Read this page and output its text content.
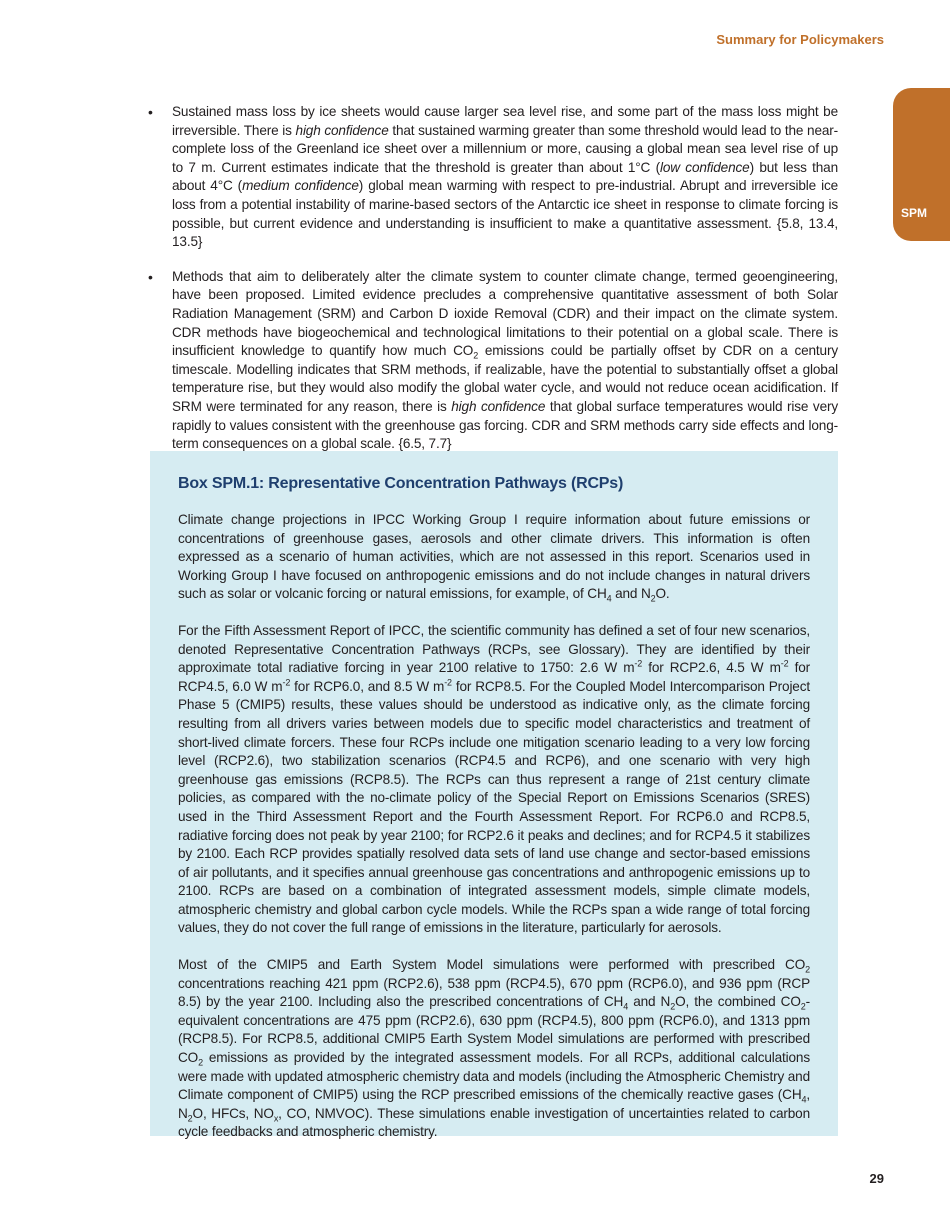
Summary for Policymakers
SPM
•	Sustained mass loss by ice sheets would cause larger sea level rise, and some part of the mass loss might be irreversible. There is high confidence that sustained warming greater than some threshold would lead to the near-complete loss of the Greenland ice sheet over a millennium or more, causing a global mean sea level rise of up to 7 m. Current estimates indicate that the threshold is greater than about 1°C (low confidence) but less than about 4°C (medium confidence) global mean warming with respect to pre-industrial. Abrupt and irreversible ice loss from a potential instability of marine-based sectors of the Antarctic ice sheet in response to climate forcing is possible, but current evidence and understanding is insufficient to make a quantitative assessment. {5.8, 13.4, 13.5}
•	Methods that aim to deliberately alter the climate system to counter climate change, termed geoengineering, have been proposed. Limited evidence precludes a comprehensive quantitative assessment of both Solar Radiation Management (SRM) and Carbon D ioxide Removal (CDR) and their impact on the climate system. CDR methods have biogeochemical and technological limitations to their potential on a global scale. There is insufficient knowledge to quantify how much $CO_2$ emissions could be partially offset by CDR on a century timescale. Modelling indicates that SRM methods, if realizable, have the potential to substantially offset a global temperature rise, but they would also modify the global water cycle, and would not reduce ocean acidification. If SRM were terminated for any reason, there is high confidence that global surface temperatures would rise very rapidly to values consistent with the greenhouse gas forcing. CDR and SRM methods carry side effects and long-term consequences on a global scale. {6.5, 7.7}
Box SPM.1: Representative Concentration Pathways (RCPs)

Climate change projections in IPCC Working Group I require information about future emissions or concentrations of greenhouse gases, aerosols and other climate drivers. This information is often expressed as a scenario of human activities, which are not assessed in this report. Scenarios used in Working Group I have focused on anthropogenic emissions and do not include changes in natural drivers such as solar or volcanic forcing or natural emissions, for example, of $CH_4$ and $N_2O$.

For the Fifth Assessment Report of IPCC, the scientific community has defined a set of four new scenarios, denoted Representative Concentration Pathways (RCPs, see Glossary). They are identified by their approximate total radiative forcing in year 2100 relative to 1750: 2.6 W $m^{-2}$ for RCP2.6, 4.5 W $m^{-2}$ for RCP4.5, 6.0 W $m^{-2}$ for RCP6.0, and 8.5 W $m^{-2}$ for RCP8.5. For the Coupled Model Intercomparison Project Phase 5 (CMIP5) results, these values should be understood as indicative only, as the climate forcing resulting from all drivers varies between models due to specific model characteristics and treatment of short-lived climate forcers. These four RCPs include one mitigation scenario leading to a very low forcing level (RCP2.6), two stabilization scenarios (RCP4.5 and RCP6), and one scenario with very high greenhouse gas emissions (RCP8.5). The RCPs can thus represent a range of 21st century climate policies, as compared with the no-climate policy of the Special Report on Emissions Scenarios (SRES) used in the Third Assessment Report and the Fourth Assessment Report. For RCP6.0 and RCP8.5, radiative forcing does not peak by year 2100; for RCP2.6 it peaks and declines; and for RCP4.5 it stabilizes by 2100. Each RCP provides spatially resolved data sets of land use change and sector-based emissions of air pollutants, and it specifies annual greenhouse gas concentrations and anthropogenic emissions up to 2100. RCPs are based on a combination of integrated assessment models, simple climate models, atmospheric chemistry and global carbon cycle models. While the RCPs span a wide range of total forcing values, they do not cover the full range of emissions in the literature, particularly for aerosols.

Most of the CMIP5 and Earth System Model simulations were performed with prescribed $CO_2$ concentrations reaching 421 ppm (RCP2.6), 538 ppm (RCP4.5), 670 ppm (RCP6.0), and 936 ppm (RCP 8.5) by the year 2100. Including also the prescribed concentrations of $CH_4$ and $N_2O$, the combined $CO_2$-equivalent concentrations are 475 ppm (RCP2.6), 630 ppm (RCP4.5), 800 ppm (RCP6.0), and 1313 ppm (RCP8.5). For RCP8.5, additional CMIP5 Earth System Model simulations are performed with prescribed $CO_2$ emissions as provided by the integrated assessment models. For all RCPs, additional calculations were made with updated atmospheric chemistry data and models (including the Atmospheric Chemistry and Climate component of CMIP5) using the RCP prescribed emissions of the chemically reactive gases ($CH_4$, $N_2O$, HFCs, $NO_x$, CO, NMVOC). These simulations enable investigation of uncertainties related to carbon cycle feedbacks and atmospheric chemistry.

29
